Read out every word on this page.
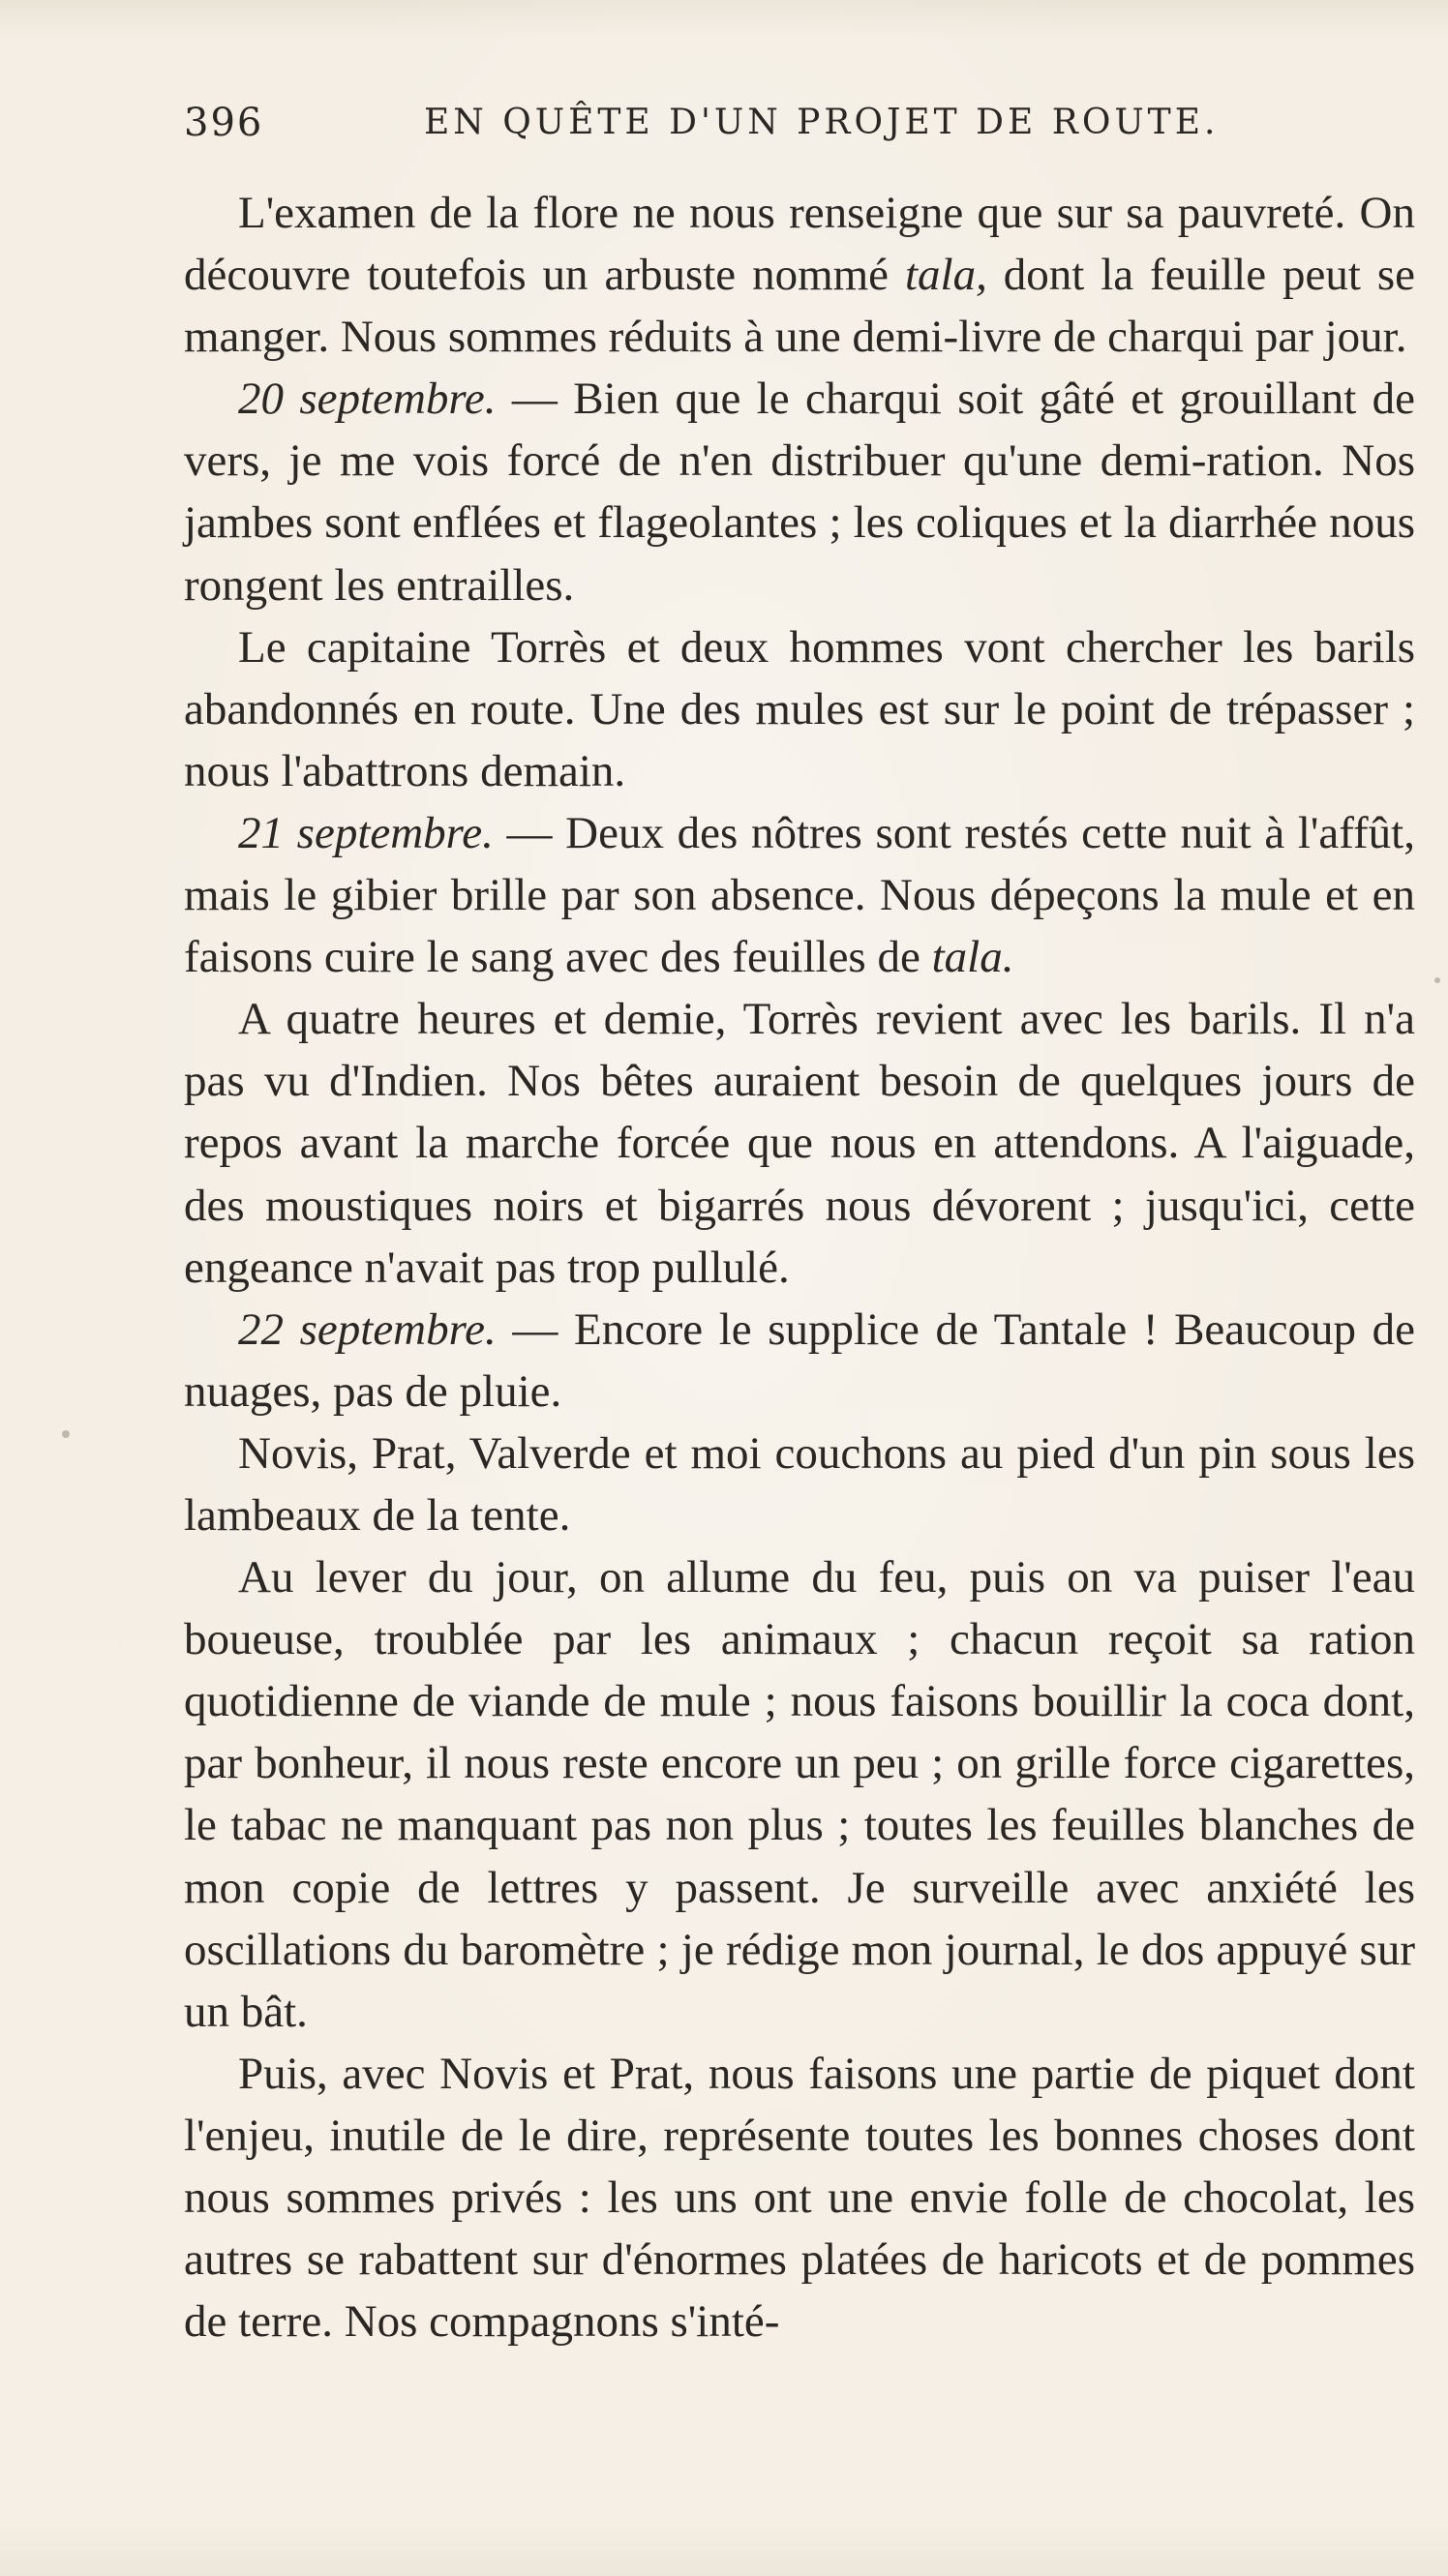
396	EN QUÊTE D'UN PROJET DE ROUTE.

L'examen de la flore ne nous renseigne que sur sa pauvreté. On découvre toutefois un arbuste nommé tala, dont la feuille peut se manger. Nous sommes réduits à une demi-livre de charqui par jour.

20 septembre. — Bien que le charqui soit gâté et grouillant de vers, je me vois forcé de n'en distribuer qu'une demi-ration. Nos jambes sont enflées et flageolantes ; les coliques et la diarrhée nous rongent les entrailles.

Le capitaine Torrès et deux hommes vont chercher les barils abandonnés en route. Une des mules est sur le point de trépasser ; nous l'abattrons demain.

21 septembre. — Deux des nôtres sont restés cette nuit à l'affût, mais le gibier brille par son absence. Nous dépeçons la mule et en faisons cuire le sang avec des feuilles de tala.

A quatre heures et demie, Torrès revient avec les barils. Il n'a pas vu d'Indien. Nos bêtes auraient besoin de quelques jours de repos avant la marche forcée que nous en attendons. A l'aiguade, des moustiques noirs et bigarrés nous dévorent ; jusqu'ici, cette engeance n'avait pas trop pullulé.

22 septembre. — Encore le supplice de Tantale ! Beaucoup de nuages, pas de pluie.

Novis, Prat, Valverde et moi couchons au pied d'un pin sous les lambeaux de la tente.

Au lever du jour, on allume du feu, puis on va puiser l'eau boueuse, troublée par les animaux ; chacun reçoit sa ration quotidienne de viande de mule ; nous faisons bouillir la coca dont, par bonheur, il nous reste encore un peu ; on grille force cigarettes, le tabac ne manquant pas non plus ; toutes les feuilles blanches de mon copie de lettres y passent. Je surveille avec anxiété les oscillations du baromètre ; je rédige mon journal, le dos appuyé sur un bât.

Puis, avec Novis et Prat, nous faisons une partie de piquet dont l'enjeu, inutile de le dire, représente toutes les bonnes choses dont nous sommes privés : les uns ont une envie folle de chocolat, les autres se rabattent sur d'énormes platées de haricots et de pommes de terre. Nos compagnons s'inté-
